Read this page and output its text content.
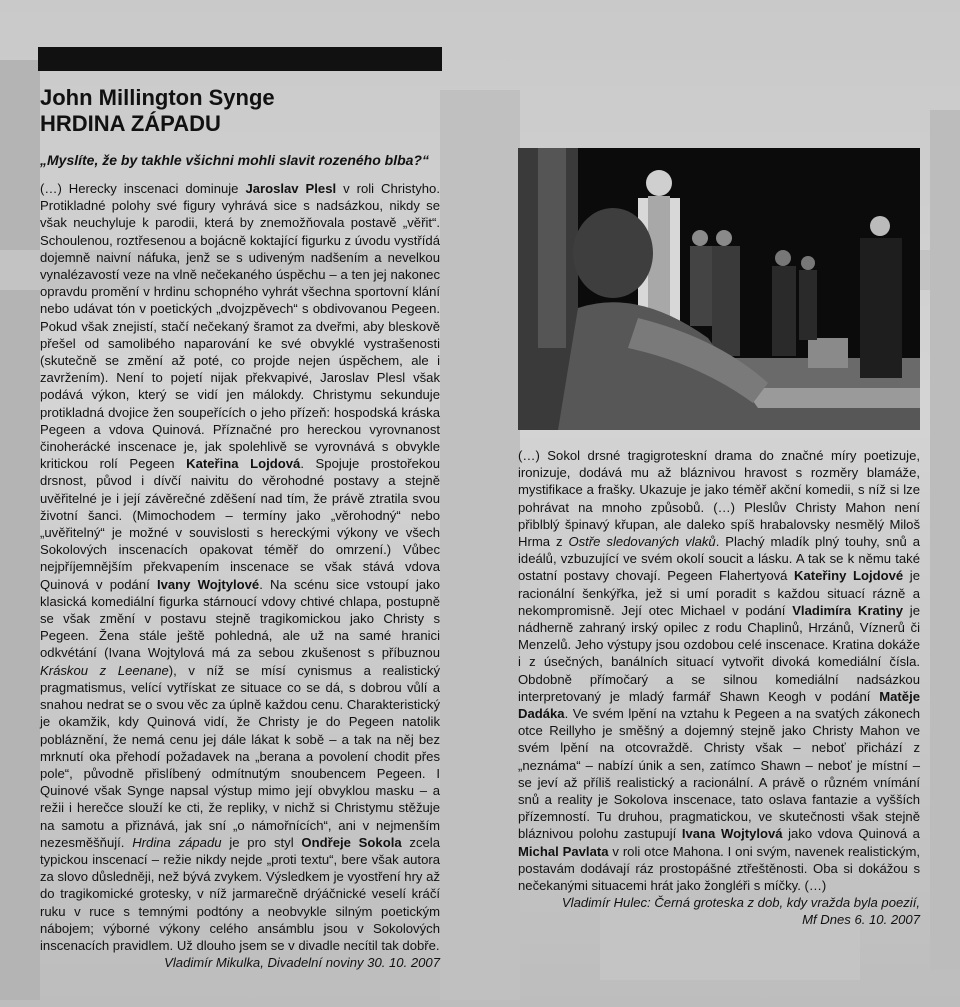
John Millington Synge
HRDINA ZÁPADU

„Myslíte, že by takhle všichni mohli slavit rozeného blba?“

(…) Herecky inscenaci dominuje Jaroslav Plesl v roli Christyho. Protikladné polohy své figury vyhrává sice s nadsázkou, nikdy se však neuchyluje k parodii, která by znemožňovala postavě „věřit“. Schoulenou, roztřesenou a bojácně koktající figurku z úvodu vystřídá dojemně naivní náfuka, jenž se s udiveným nadšením a nevelkou vynalézavostí veze na vlně nečekaného úspěchu – a ten jej nakonec opravdu promění v hrdinu schopného vyhrát všechna sportovní klání nebo udávat tón v poetických „dvojzpěvech“ s obdivovanou Pegeen. Pokud však znejistí, stačí nečekaný šramot za dveřmi, aby bleskově přešel od samolibého naparování ke své obvyklé vystrašenosti (skutečně se změní až poté, co projde nejen úspěchem, ale i zavržením). Není to pojetí nijak překvapivé, Jaroslav Plesl však podává výkon, který se vidí jen málokdy. Christymu sekunduje protikladná dvojice žen soupeřících o jeho přízeň: hospodská kráska Pegeen a vdova Quinová. Příznačné pro hereckou vyrovnanost činoherácké inscenace je, jak spolehlivě se vyrovnává s obvykle kritickou rolí Pegeen Kateřina Lojdová. Spojuje prostořekou drsnost, původ i dívčí naivitu do věrohodné postavy a stejně uvěřitelné je i její závěrečné zděšení nad tím, že právě ztratila svou životní šanci. (Mimochodem – termíny jako „věrohodný“ nebo „uvěřitelný“ je možné v souvislosti s hereckými výkony ve všech Sokolových inscenacích opakovat téměř do omrzení.) Vůbec nejpříjemnějším překvapením inscenace se však stává vdova Quinová v podání Ivany Wojtylové. Na scénu sice vstoupí jako klasická komediální figurka stárnoucí vdovy chtivé chlapa, postupně se však změní v postavu stejně tragikomickou jako Christy s Pegeen. Žena stále ještě pohledná, ale už na samé hranici odkvétání (Ivana Wojtylová má za sebou zkušenost s příbuznou Kráskou z Leenane), v níž se mísí cynismus a realistický pragmatismus, velící vytřískat ze situace co se dá, s dobrou vůlí a snahou nedrat se o svou věc za úplně každou cenu. Charakteristický je okamžik, kdy Quinová vidí, že Christy je do Pegeen natolik pobláznění, že nemá cenu jej dále lákat k sobě – a tak na něj bez mrknutí oka přehodí požadavek na „berana a povolení chodit přes pole“, původně přislíbený odmítnutým snoubencem Pegeen. I Quinové však Synge napsal výstup mimo její obvyklou masku – a režii i herečce slouží ke cti, že repliky, v nichž si Christymu stěžuje na samotu a přiznává, jak sní „o námořnících“, ani v nejmenším nezesměšňují. Hrdina západu je pro styl Ondřeje Sokola zcela typickou inscenací – režie nikdy nejde „proti textu“, bere však autora za slovo důsledněji, než bývá zvykem. Výsledkem je vyostření hry až do tragikomické grotesky, v níž jarmarečně drýáčnické veselí kráčí ruku v ruce s temnými podtóny a neobvykle silným poetickým nábojem; výborné výkony celého ansámblu jsou v Sokolových inscenacích pravidlem. Už dlouho jsem se v divadle necítil tak dobře.

Vladimír Mikulka, Divadelní noviny 30. 10. 2007

(…) Sokol drsné tragigroteskní drama do značné míry poetizuje, ironizuje, dodává mu až bláznivou hravost s rozměry blamáže, mystifikace a frašky. Ukazuje je jako téměř akční komedii, s níž si lze pohrávat na mnoho způsobů. (…) Pleslův Christy Mahon není přiblblý špinavý křupan, ale daleko spíš hrabalovsky nesmělý Miloš Hrma z Ostře sledovaných vlaků. Plachý mladík plný touhy, snů a ideálů, vzbuzující ve svém okolí soucit a lásku. A tak se k němu také ostatní postavy chovají. Pegeen Flahertyová Kateřiny Lojdové je racionální šenkýřka, jež si umí poradit s každou situací rázně a nekompromisně. Její otec Michael v podání Vladimíra Kratiny je nádherně zahraný irský opilec z rodu Chaplinů, Hrzánů, Víznerů či Menzelů. Jeho výstupy jsou ozdobou celé inscenace. Kratina dokáže i z úsečných, banálních situací vytvořit divoká komediální čísla. Obdobně přímočarý a se silnou komediální nadsázkou interpretovaný je mladý farmář Shawn Keogh v podání Matěje Dadáka. Ve svém lpění na vztahu k Pegeen a na svatých zákonech otce Reillyho je směšný a dojemný stejně jako Christy Mahon ve svém lpění na otcovraždě. Christy však – neboť přichází z „neznáma“ – nabízí únik a sen, zatímco Shawn – neboť je místní – se jeví až příliš realistický a racionální. A právě o různém vnímání snů a reality je Sokolova inscenace, tato oslava fantazie a vyšších přízemností. Tu druhou, pragmatickou, ve skutečnosti však stejně bláznivou polohu zastupují Ivana Wojtylová jako vdova Quinová a Michal Pavlata v roli otce Mahona. I oni svým, navenek realistickým, postavám dodávají ráz prostopášné ztřeštěnosti. Oba si dokážou s nečekanými situacemi hrát jako žongléři s míčky. (…)

Vladimír Hulec: Černá groteska z dob, kdy vražda byla poezií,

Mf Dnes 6. 10. 2007
